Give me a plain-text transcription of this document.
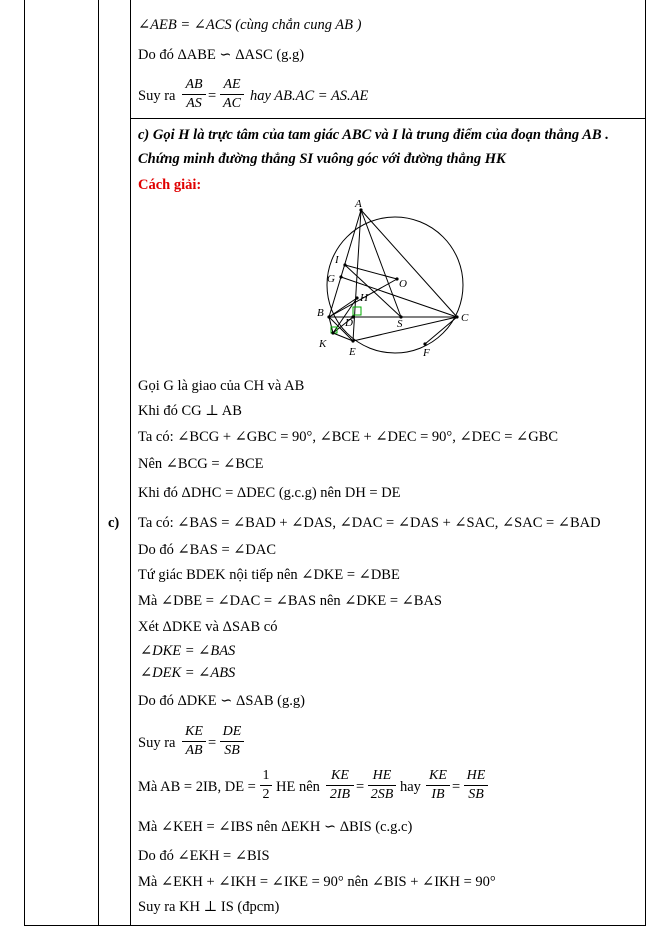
c)
∠AEB = ∠ACS (cùng chắn cung AB )
Do đó ΔABE ∽ ΔASC (g.g)
Suy ra
AB
AS =
AE
AC hay AB.AC = AS.AE
c) Gọi H là trực tâm của tam giác ABC và I là trung điểm của đoạn thẳng AB .
Chứng minh đường thẳng SI vuông góc với đường thẳng HK
Cách giải:
A
I
G	O
H
B
D	S	C
K
E	F
Gọi G là giao của CH và AB
Khi đó CG ⊥ AB
Ta có: ∠BCG + ∠GBC = 90°, ∠BCE + ∠DEC = 90°, ∠DEC = ∠GBC
Nên ∠BCG = ∠BCE
Khi đó ΔDHC = ΔDEC (g.c.g) nên DH = DE
Ta có: ∠BAS = ∠BAD + ∠DAS, ∠DAC = ∠DAS + ∠SAC, ∠SAC = ∠BAD
Do đó ∠BAS = ∠DAC
Tứ giác BDEK nội tiếp nên ∠DKE = ∠DBE
Mà ∠DBE = ∠DAC = ∠BAS nên ∠DKE = ∠BAS
Xét ΔDKE và ΔSAB có
∠DKE = ∠BAS
∠DEK = ∠ABS
Do đó ΔDKE ∽ ΔSAB (g.g)
Suy ra
KE
AB =
DE
SB
Mà AB = 2IB, DE =
1
2 HE nên
KE
2IB =
HE
2SB hay
KE
IB =
HE
SB
Mà ∠KEH = ∠IBS nên ΔEKH ∽ ΔBIS (c.g.c)
Do đó ∠EKH = ∠BIS
Mà ∠EKH + ∠IKH = ∠IKE = 90° nên ∠BIS + ∠IKH = 90°
Suy ra KH ⊥ IS (đpcm)
